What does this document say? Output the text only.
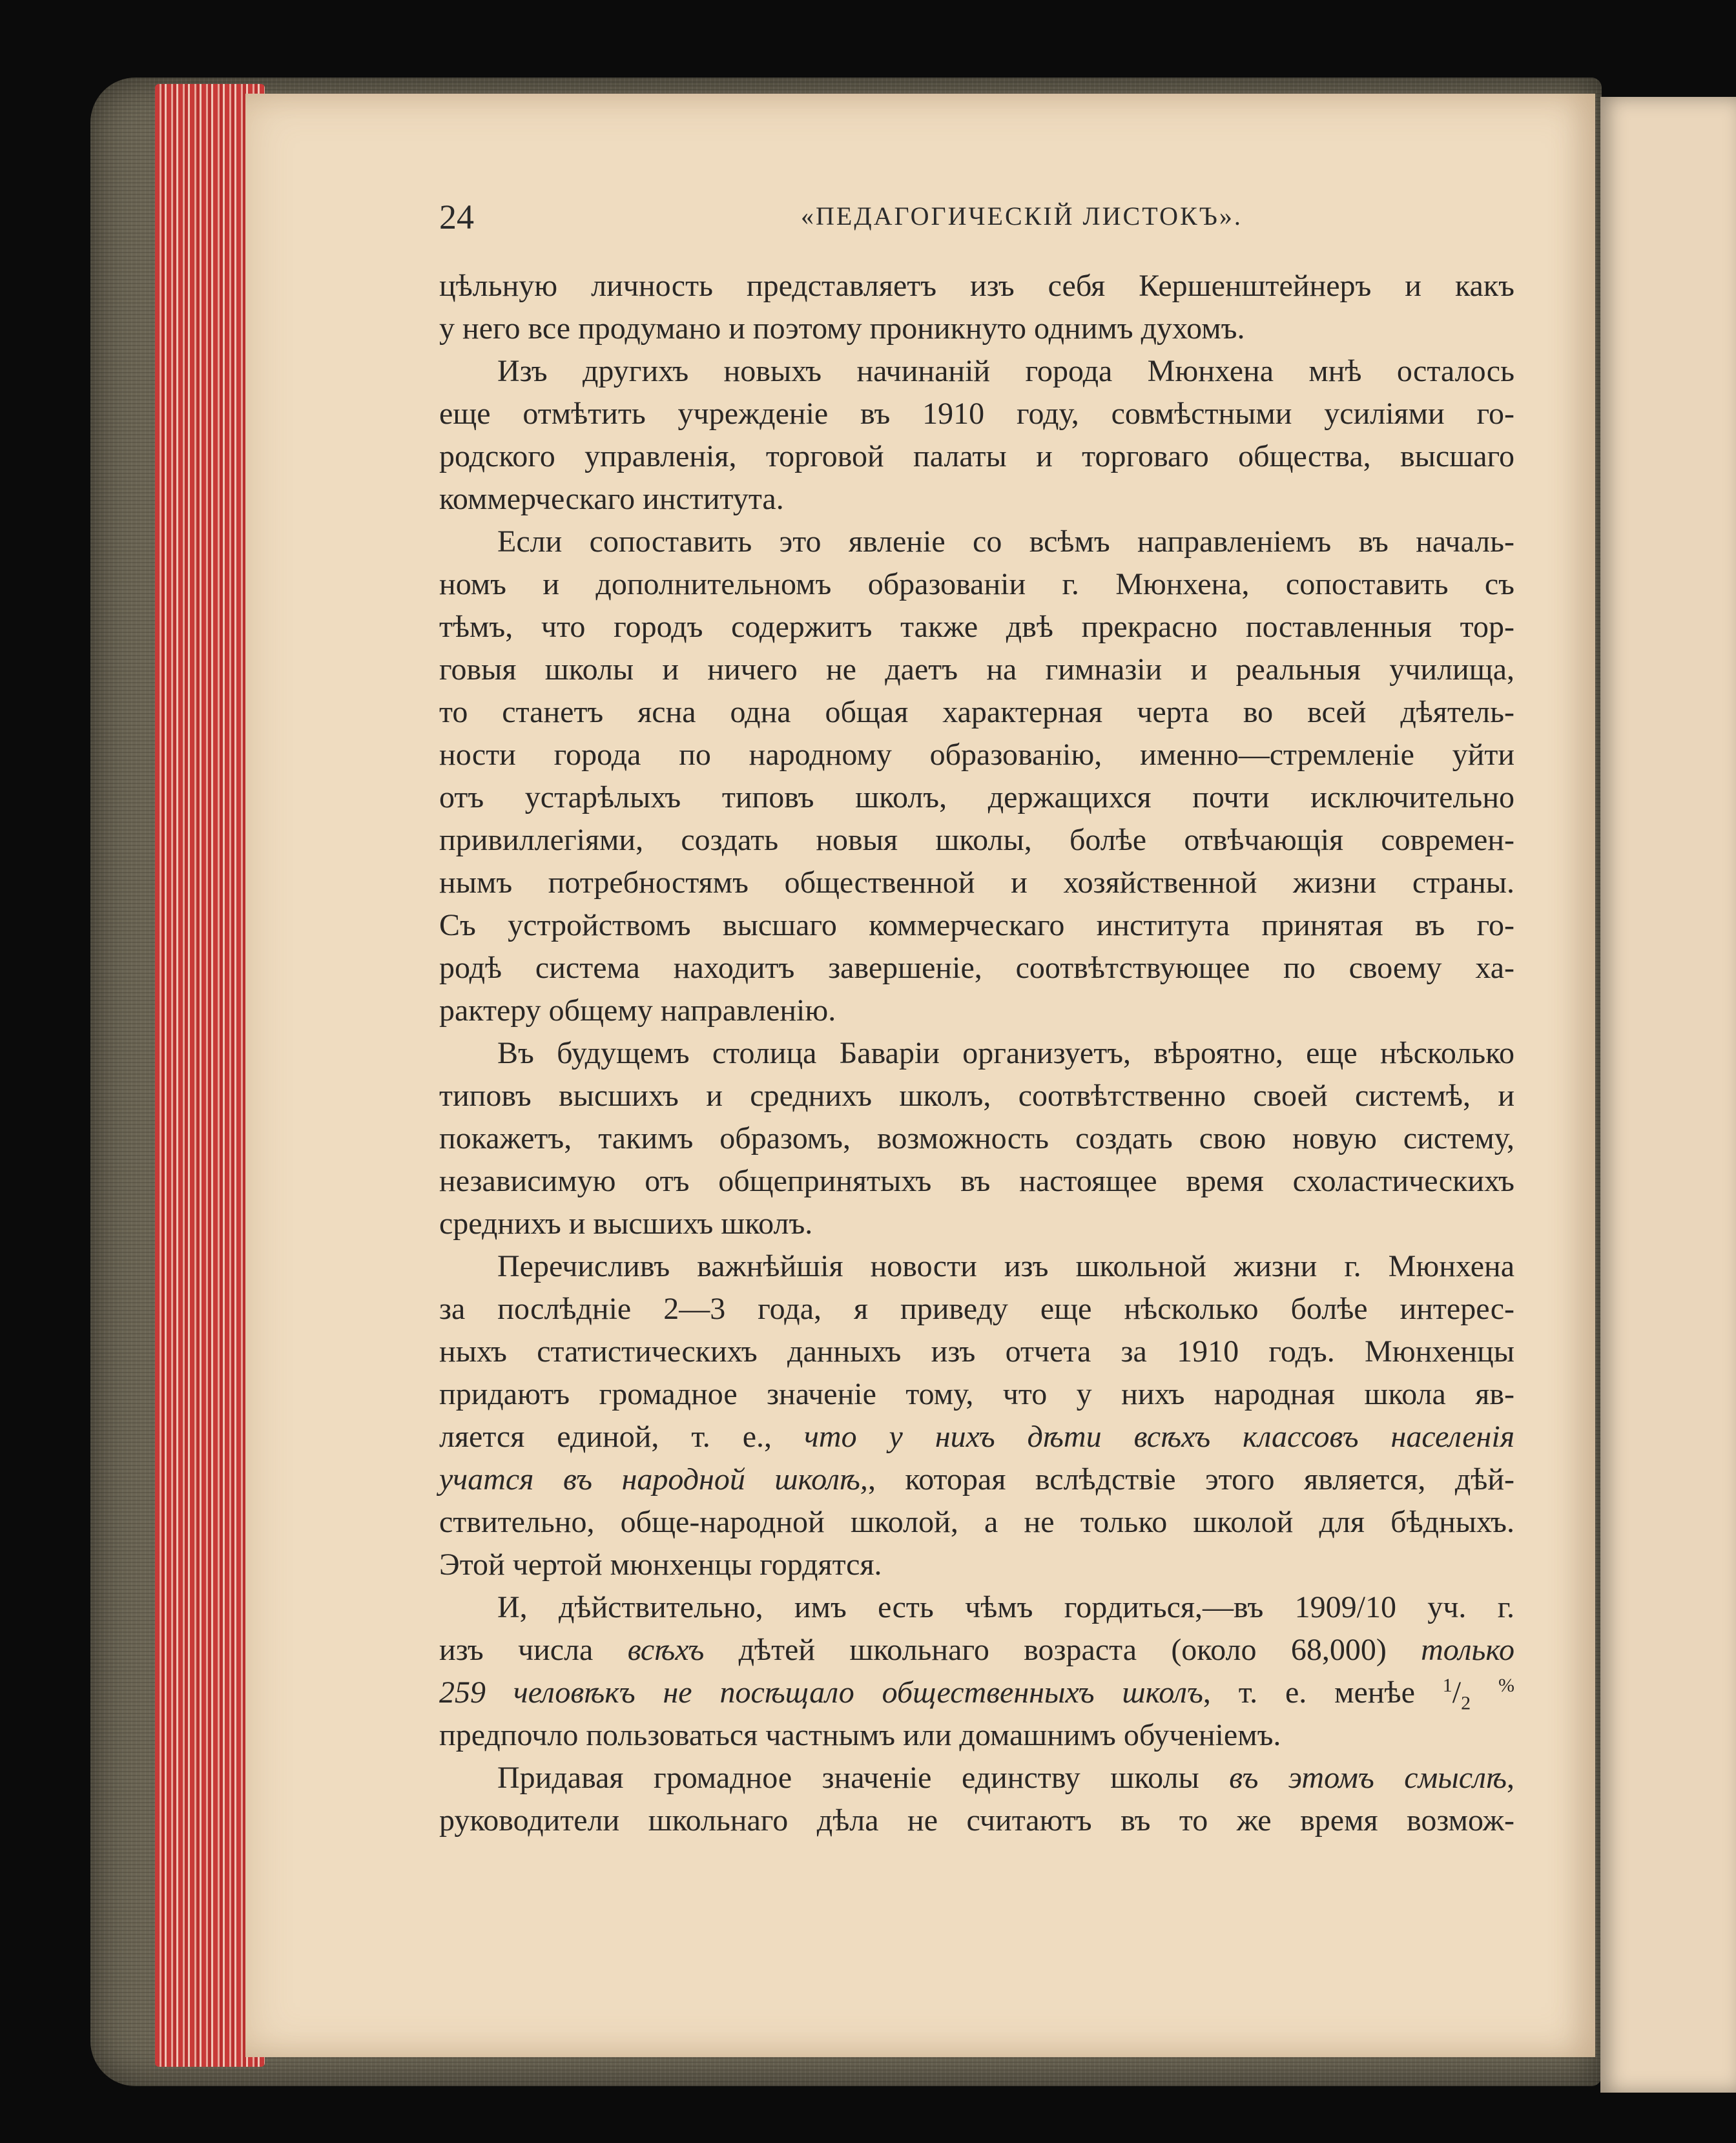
24	«ПЕДАГОГИЧЕСКІЙ ЛИСТОКЪ».
цѣльную личность представляетъ изъ себя Кершенштейнеръ и какъ
у него все продумано и поэтому проникнуто однимъ духомъ.
Изъ другихъ новыхъ начинаній города Мюнхена мнѣ осталось
еще отмѣтить учрежденіе въ 1910 году, совмѣстными усиліями го-
родского управленія, торговой палаты и торговаго общества, высшаго
коммерческаго института.
Если сопоставить это явленіе со всѣмъ направленіемъ въ началь-
номъ и дополнительномъ образованіи г. Мюнхена, сопоставить съ
тѣмъ, что городъ содержитъ также двѣ прекрасно поставленныя тор-
говыя школы и ничего не даетъ на гимназіи и реальныя училища,
то станетъ ясна одна общая характерная черта во всей дѣятель-
ности города по народному образованію, именно—стремленіе уйти
отъ устарѣлыхъ типовъ школъ, держащихся почти исключительно
привиллегіями, создать новыя школы, болѣе отвѣчающія современ-
нымъ потребностямъ общественной и хозяйственной жизни страны.
Съ устройствомъ высшаго коммерческаго института принятая въ го-
родѣ система находитъ завершеніе, соотвѣтствующее по своему ха-
рактеру общему направленію.
Въ будущемъ столица Баваріи организуетъ, вѣроятно, еще нѣсколько
типовъ высшихъ и среднихъ школъ, соотвѣтственно своей системѣ, и
покажетъ, такимъ образомъ, возможность создать свою новую систему,
независимую отъ общепринятыхъ въ настоящее время схоластическихъ
среднихъ и высшихъ школъ.
Перечисливъ важнѣйшія новости изъ школьной жизни г. Мюнхена
за послѣдніе 2—3 года, я приведу еще нѣсколько болѣе интерес-
ныхъ статистическихъ данныхъ изъ отчета за 1910 годъ. Мюнхенцы
придаютъ громадное значеніе тому, что у нихъ народная школа яв-
ляется единой, т. е., что у нихъ дѣти всѣхъ классовъ населенія
учатся въ народной школѣ,, которая вслѣдствіе этого является, дѣй-
ствительно, обще-народной школой, а не только школой для бѣдныхъ.
Этой чертой мюнхенцы гордятся.
И, дѣйствительно, имъ есть чѣмъ гордиться,—въ 1909/10 уч. г.
изъ числа всѣхъ дѣтей школьнаго возраста (около 68,000) только
259 человѣкъ не посѣщало общественныхъ школъ, т. е. менѣе $^1/_2$ %
предпочло пользоваться частнымъ или домашнимъ обученіемъ.
Придавая громадное значеніе единству школы въ этомъ смыслѣ,
руководители школьнаго дѣла не считаютъ въ то же время возмож-
